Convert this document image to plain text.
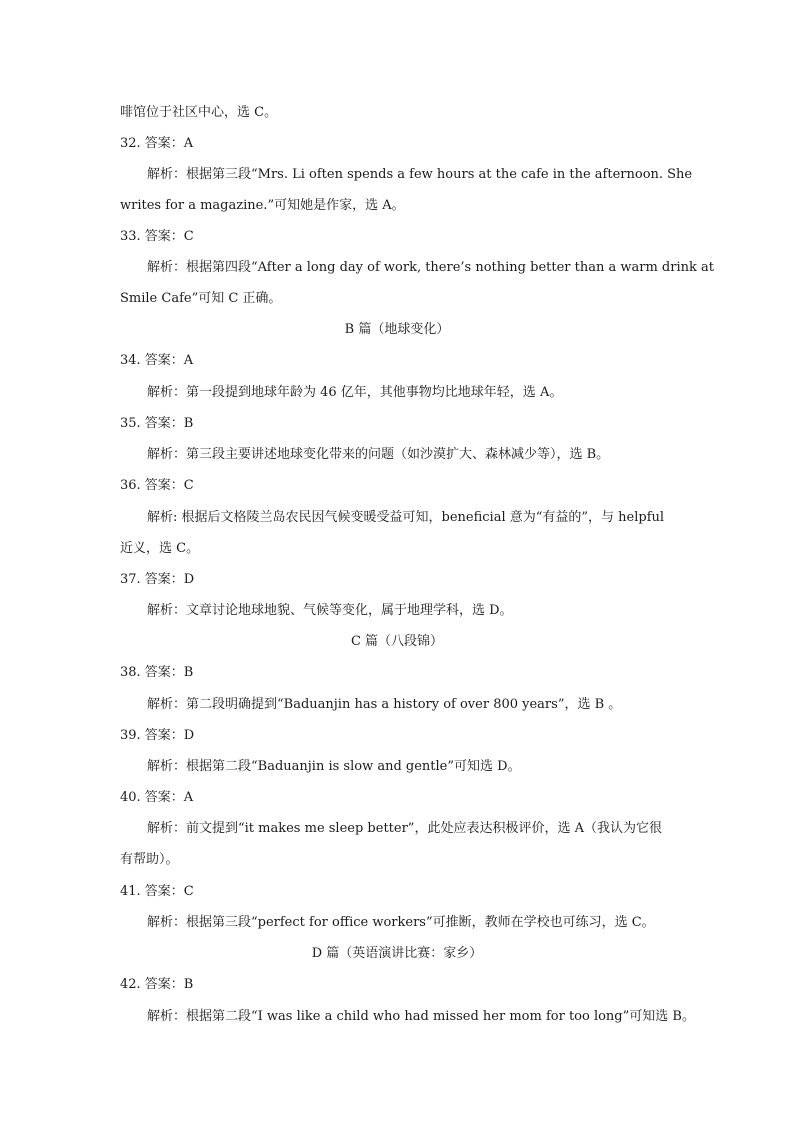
啡馆位于社区中心，选 C。
32. 答案：A
解析：根据第三段“Mrs. Li often spends a few hours at the cafe in the afternoon. She
writes for a magazine.”可知她是作家，选 A。
33. 答案：C
解析：根据第四段“After a long day of work, there’s nothing better than a warm drink at
Smile Cafe”可知 C 正确。
B 篇（地球变化）
34. 答案：A
解析：第一段提到地球年龄为 46 亿年，其他事物均比地球年轻，选 A。
35. 答案：B
解析：第三段主要讲述地球变化带来的问题（如沙漠扩大、森林减少等），选 B。
36. 答案：C
解析: 根据后文格陵兰岛农民因气候变暖受益可知，beneficial 意为“有益的”，与 helpful
近义，选 C。
37. 答案：D
解析：文章讨论地球地貌、气候等变化，属于地理学科，选 D。
C 篇（八段锦）
38. 答案：B
解析：第二段明确提到“Baduanjin has a history of over 800 years”，选 B 。
39. 答案：D
解析：根据第二段“Baduanjin is slow and gentle”可知选 D。
40. 答案：A
解析：前文提到“it makes me sleep better”，此处应表达积极评价，选 A（我认为它很
有帮助）。
41. 答案：C
解析：根据第三段“perfect for office workers”可推断，教师在学校也可练习，选 C。
D 篇（英语演讲比赛：家乡）
42. 答案：B
解析：根据第二段“I was like a child who had missed her mom for too long”可知选 B。
